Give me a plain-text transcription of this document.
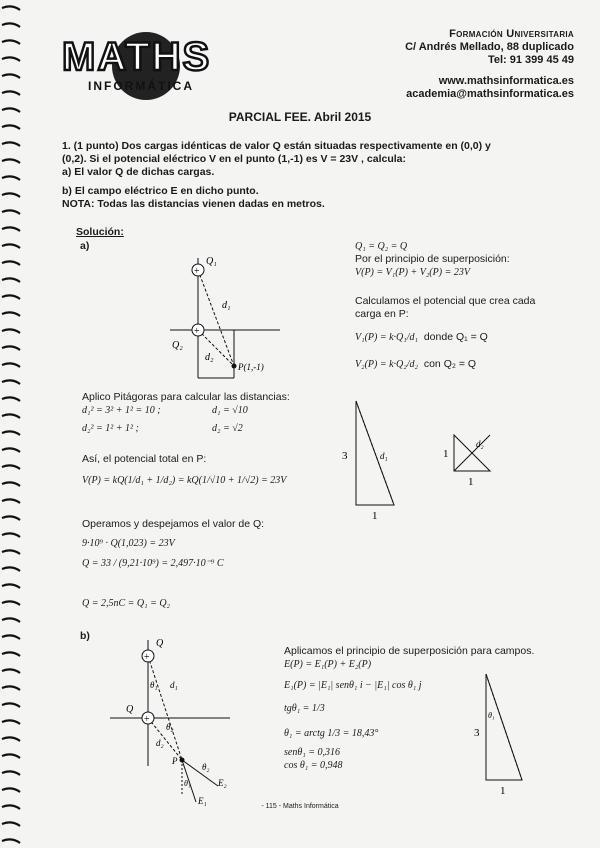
MATHS
INFORMÁTICA
Formación Universitaria
C/ Andrés Mellado, 88 duplicado
Tel: 91 399 45 49
www.mathsinformatica.es
academia@mathsinformatica.es
PARCIAL FEE. Abril 2015
1. (1 punto) Dos cargas idénticas de valor Q están situadas respectivamente en (0,0) y
(0,2). Si el potencial eléctrico V en el punto (1,-1) es V = 23V , calcula:
a) El valor Q de dichas cargas.
b) El campo eléctrico E en dicho punto.
NOTA: Todas las distancias vienen dadas en metros.
Solución:
a)
+
+
Q₁
Q₂
d₁
d₂
P(1,-1)
Q₁ = Q₂ = Q
Por el principio de superposición:
V(P) = V₁(P) + V₂(P) = 23V
Calculamos el potencial que crea cada
carga en P:
V₁(P) = k·Q₁/d₁ donde Q₁ = Q
V₂(P) = k·Q₂/d₂ con Q₂ = Q
Aplico Pitágoras para calcular las distancias:
d₁² = 3² + 1² = 10 ;	d₁ = √10
d₂² = 1² + 1² ;	d₂ = √2
Así, el potencial total en P:
V(P) = kQ(1/d₁ + 1/d₂) = kQ(1/√10 + 1/√2) = 23V
3
1
d₁	1
1
d₂
Operamos y despejamos el valor de Q:
9·10⁹ · Q(1,023) = 23V
Q = 33 / (9,21·10⁹) = 2,497·10⁻⁹ C
Q = 2,5nC = Q₁ = Q₂
b)
+
+
Q
Q
θ₁ d₁
θ₂
d₂
P
θ₂
E₂
E₁
θ₁
Aplicamos el principio de superposición para campos.
E(P) = E₁(P) + E₂(P)
E₁(P) = |E₁| senθ₁ i − |E₁| cos θ₁ j
tgθ₁ = 1/3
θ₁ = arctg 1/3 = 18,43°
senθ₁ = 0,316
cos θ₁ = 0,948
3
1
θ₁
- 115 - Maths Informática
